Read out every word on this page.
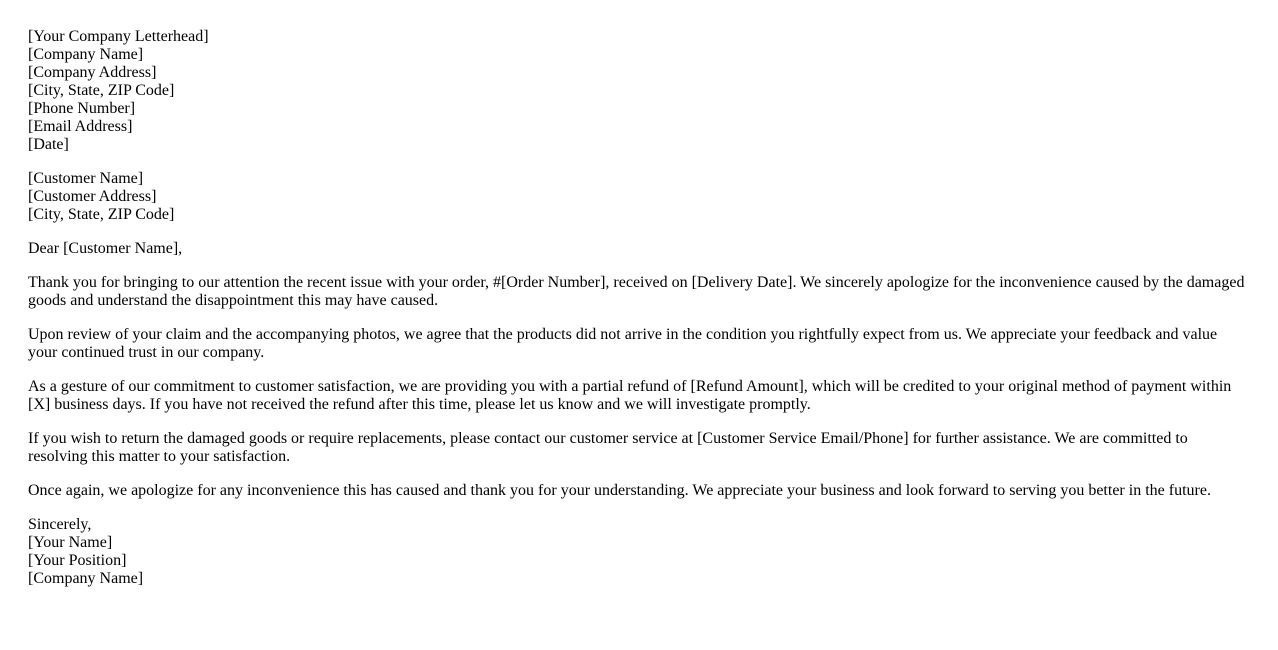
[Your Company Letterhead]
[Company Name]
[Company Address]
[City, State, ZIP Code]
[Phone Number]
[Email Address]
[Date]
[Customer Name]
[Customer Address]
[City, State, ZIP Code]

Dear [Customer Name],

Thank you for bringing to our attention the recent issue with your order, #[Order Number], received on [Delivery Date]. We sincerely apologize for the inconvenience caused by the damaged goods and understand the disappointment this may have caused.

Upon review of your claim and the accompanying photos, we agree that the products did not arrive in the condition you rightfully expect from us. We appreciate your feedback and value your continued trust in our company.

As a gesture of our commitment to customer satisfaction, we are providing you with a partial refund of [Refund Amount], which will be credited to your original method of payment within [X] business days. If you have not received the refund after this time, please let us know and we will investigate promptly.

If you wish to return the damaged goods or require replacements, please contact our customer service at [Customer Service Email/Phone] for further assistance. We are committed to resolving this matter to your satisfaction.

Once again, we apologize for any inconvenience this has caused and thank you for your understanding. We appreciate your business and look forward to serving you better in the future.

Sincerely,
[Your Name]
[Your Position]
[Company Name]
